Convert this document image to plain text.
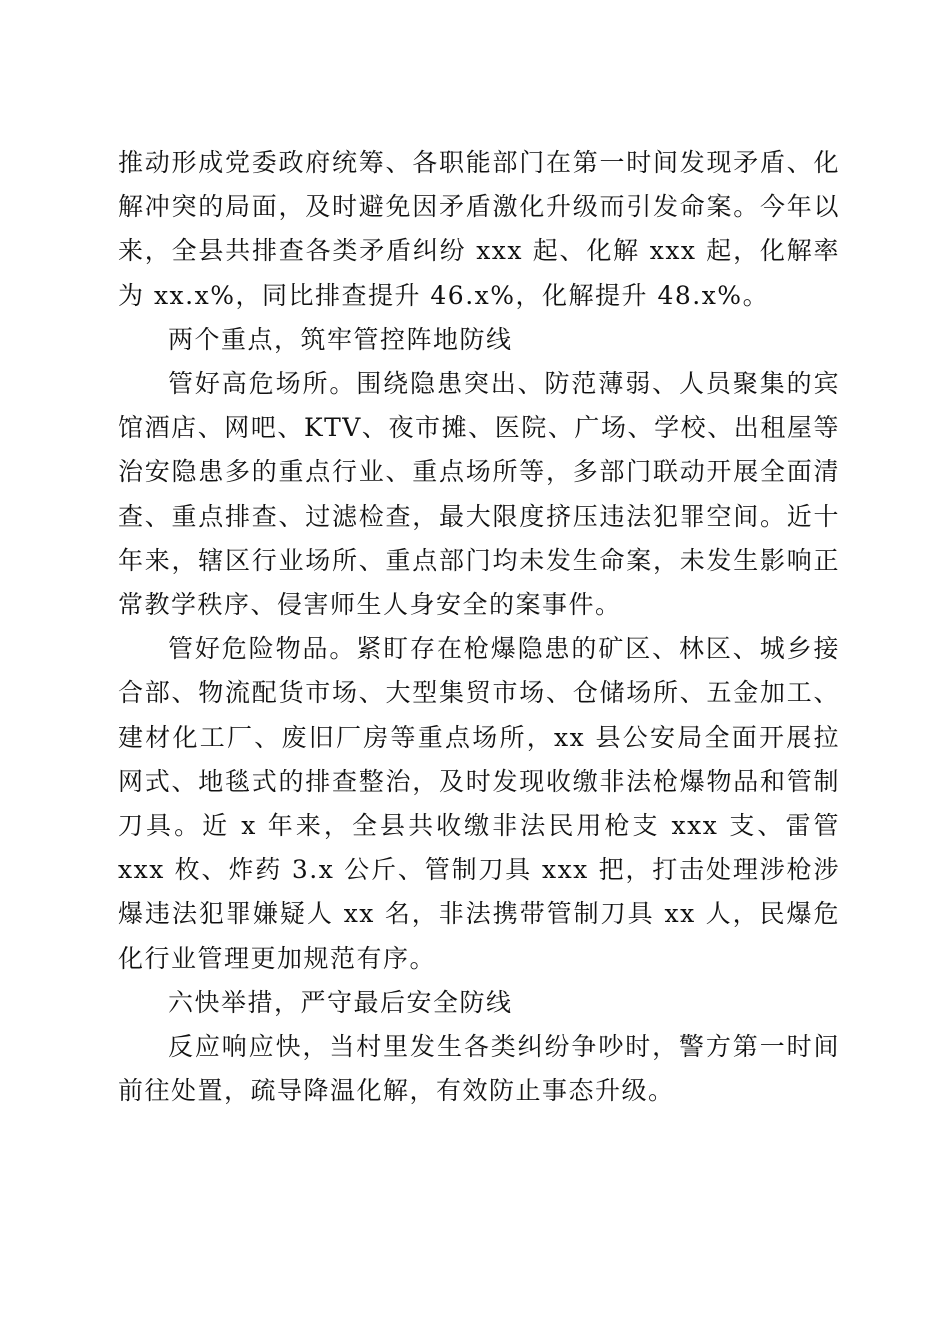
推动形成党委政府统筹、各职能部门在第一时间发现矛盾、化解冲突的局面，及时避免因矛盾激化升级而引发命案。今年以来，全县共排查各类矛盾纠纷 xxx 起、化解 xxx 起，化解率为 xx.x%，同比排查提升 46.x%，化解提升 48.x%。

两个重点，筑牢管控阵地防线

管好高危场所。围绕隐患突出、防范薄弱、人员聚集的宾馆酒店、网吧、KTV、夜市摊、医院、广场、学校、出租屋等治安隐患多的重点行业、重点场所等，多部门联动开展全面清查、重点排查、过滤检查，最大限度挤压违法犯罪空间。近十年来，辖区行业场所、重点部门均未发生命案，未发生影响正常教学秩序、侵害师生人身安全的案事件。

管好危险物品。紧盯存在枪爆隐患的矿区、林区、城乡接合部、物流配货市场、大型集贸市场、仓储场所、五金加工、建材化工厂、废旧厂房等重点场所，xx 县公安局全面开展拉网式、地毯式的排查整治，及时发现收缴非法枪爆物品和管制刀具。近 x 年来，全县共收缴非法民用枪支 xxx 支、雷管 xxx 枚、炸药 3.x 公斤、管制刀具 xxx 把，打击处理涉枪涉爆违法犯罪嫌疑人 xx 名，非法携带管制刀具 xx 人，民爆危化行业管理更加规范有序。

六快举措，严守最后安全防线

反应响应快，当村里发生各类纠纷争吵时，警方第一时间前往处置，疏导降温化解，有效防止事态升级。
